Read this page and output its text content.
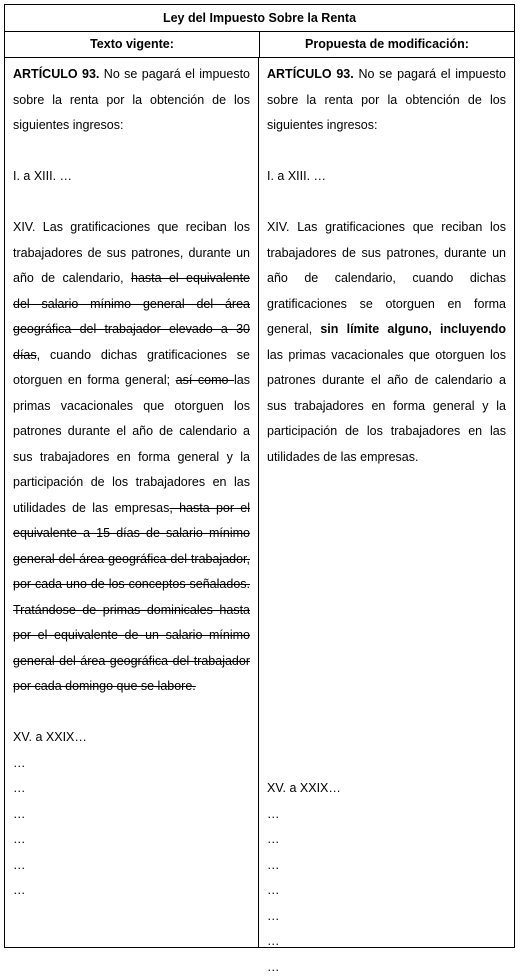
Ley del Impuesto Sobre la Renta
Texto vigente:	Propuesta de modificación:

ARTÍCULO 93. No se pagará el impuesto sobre la renta por la obtención de los siguientes ingresos:

I. a XIII. …

XIV. Las gratificaciones que reciban los trabajadores de sus patrones, durante un año de calendario, hasta el equivalente del salario mínimo general del área geográfica del trabajador elevado a 30 días, cuando dichas gratificaciones se otorguen en forma general; así como las primas vacacionales que otorguen los patrones durante el año de calendario a sus trabajadores en forma general y la participación de los trabajadores en las utilidades de las empresas, hasta por el equivalente a 15 días de salario mínimo general del área geográfica del trabajador, por cada uno de los conceptos señalados. Tratándose de primas dominicales hasta por el equivalente de un salario mínimo general del área geográfica del trabajador por cada domingo que se labore.

XV. a XXIX…

…

…

…

…

…

…

ARTÍCULO 93. No se pagará el impuesto sobre la renta por la obtención de los siguientes ingresos:

I. a XIII. …

XIV. Las gratificaciones que reciban los trabajadores de sus patrones, durante un año de calendario, cuando dichas gratificaciones se otorguen en forma general, sin límite alguno, incluyendo las primas vacacionales que otorguen los patrones durante el año de calendario a sus trabajadores en forma general y la participación de los trabajadores en las utilidades de las empresas.

XV. a XXIX…

…

…

…

…

…

…

…
